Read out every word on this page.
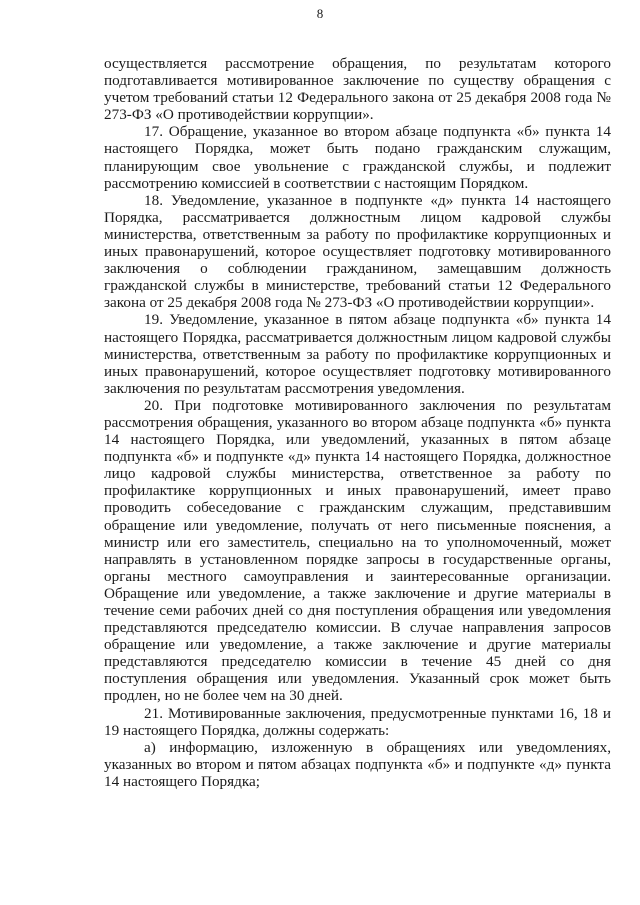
8

осуществляется рассмотрение обращения, по результатам которого подготавливается мотивированное заключение по существу обращения с учетом требований статьи 12 Федерального закона от 25 декабря 2008 года № 273-ФЗ «О противодействии коррупции».

17. Обращение, указанное во втором абзаце подпункта «б» пункта 14 настоящего Порядка, может быть подано гражданским служащим, планирующим свое увольнение с гражданской службы, и подлежит рассмотрению комиссией в соответствии с настоящим Порядком.

18. Уведомление, указанное в подпункте «д» пункта 14 настоящего Порядка, рассматривается должностным лицом кадровой службы министерства, ответственным за работу по профилактике коррупционных и иных правонарушений, которое осуществляет подготовку мотивированного заключения о соблюдении гражданином, замещавшим должность гражданской службы в министерстве, требований статьи 12 Федерального закона от 25 декабря 2008 года № 273-ФЗ «О противодействии коррупции».

19. Уведомление, указанное в пятом абзаце подпункта «б» пункта 14 настоящего Порядка, рассматривается должностным лицом кадровой службы министерства, ответственным за работу по профилактике коррупционных и иных правонарушений, которое осуществляет подготовку мотивированного заключения по результатам рассмотрения уведомления.

20. При подготовке мотивированного заключения по результатам рассмотрения обращения, указанного во втором абзаце подпункта «б» пункта 14 настоящего Порядка, или уведомлений, указанных в пятом абзаце подпункта «б» и подпункте «д» пункта 14 настоящего Порядка, должностное лицо кадровой службы министерства, ответственное за работу по профилактике коррупционных и иных правонарушений, имеет право проводить собеседование с гражданским служащим, представившим обращение или уведомление, получать от него письменные пояснения, а министр или его заместитель, специально на то уполномоченный, может направлять в установленном порядке запросы в государственные органы, органы местного самоуправления и заинтересованные организации. Обращение или уведомление, а также заключение и другие материалы в течение семи рабочих дней со дня поступления обращения или уведомления представляются председателю комиссии. В случае направления запросов обращение или уведомление, а также заключение и другие материалы представляются председателю комиссии в течение 45 дней со дня поступления обращения или уведомления. Указанный срок может быть продлен, но не более чем на 30 дней.

21. Мотивированные заключения, предусмотренные пунктами 16, 18 и 19 настоящего Порядка, должны содержать:

а) информацию, изложенную в обращениях или уведомлениях, указанных во втором и пятом абзацах подпункта «б» и подпункте «д» пункта 14 настоящего Порядка;
